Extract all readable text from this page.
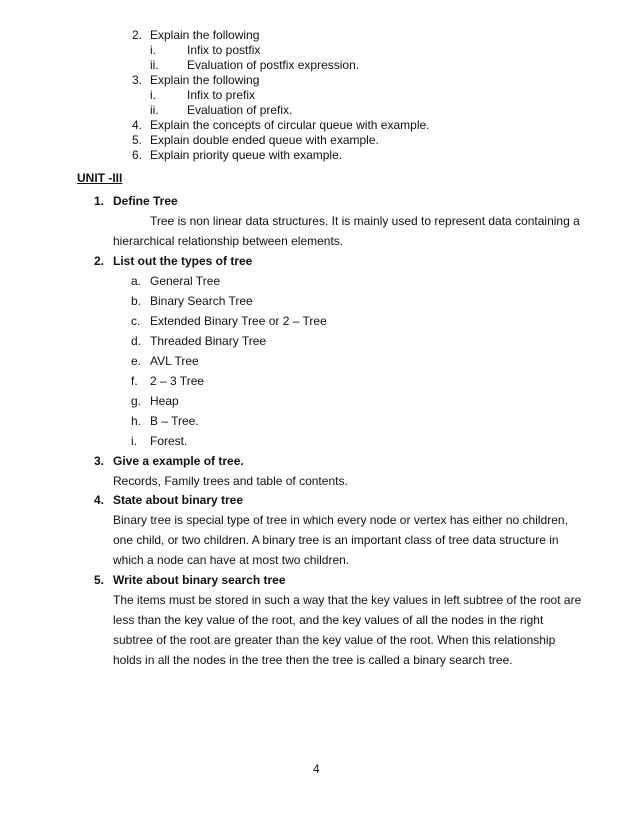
2. Explain the following
i.	Infix to postfix
ii. Evaluation of postfix expression.
3. Explain the following
i.	Infix to prefix
ii. Evaluation of prefix.
4. Explain the concepts of circular queue with example.
5. Explain double ended queue with example.
6. Explain priority queue with example.
UNIT -III
1. Define Tree
Tree is non linear data structures. It is mainly used to represent data containing a
hierarchical relationship between elements.
2. List out the types of tree
a. General Tree
b. Binary Search Tree
c. Extended Binary Tree or 2 – Tree
d. Threaded Binary Tree
e. AVL Tree
f. 2 – 3 Tree
g. Heap
h. B – Tree.
i. Forest.
3. Give a example of tree.
Records, Family trees and table of contents.
4. State about binary tree
Binary tree is special type of tree in which every node or vertex has either no children,
one child, or two children. A binary tree is an important class of tree data structure in
which a node can have at most two children.
5. Write about binary search tree
The items must be stored in such a way that the key values in left subtree of the root are
less than the key value of the root, and the key values of all the nodes in the right
subtree of the root are greater than the key value of the root. When this relationship
holds in all the nodes in the tree then the tree is called a binary search tree.
4
